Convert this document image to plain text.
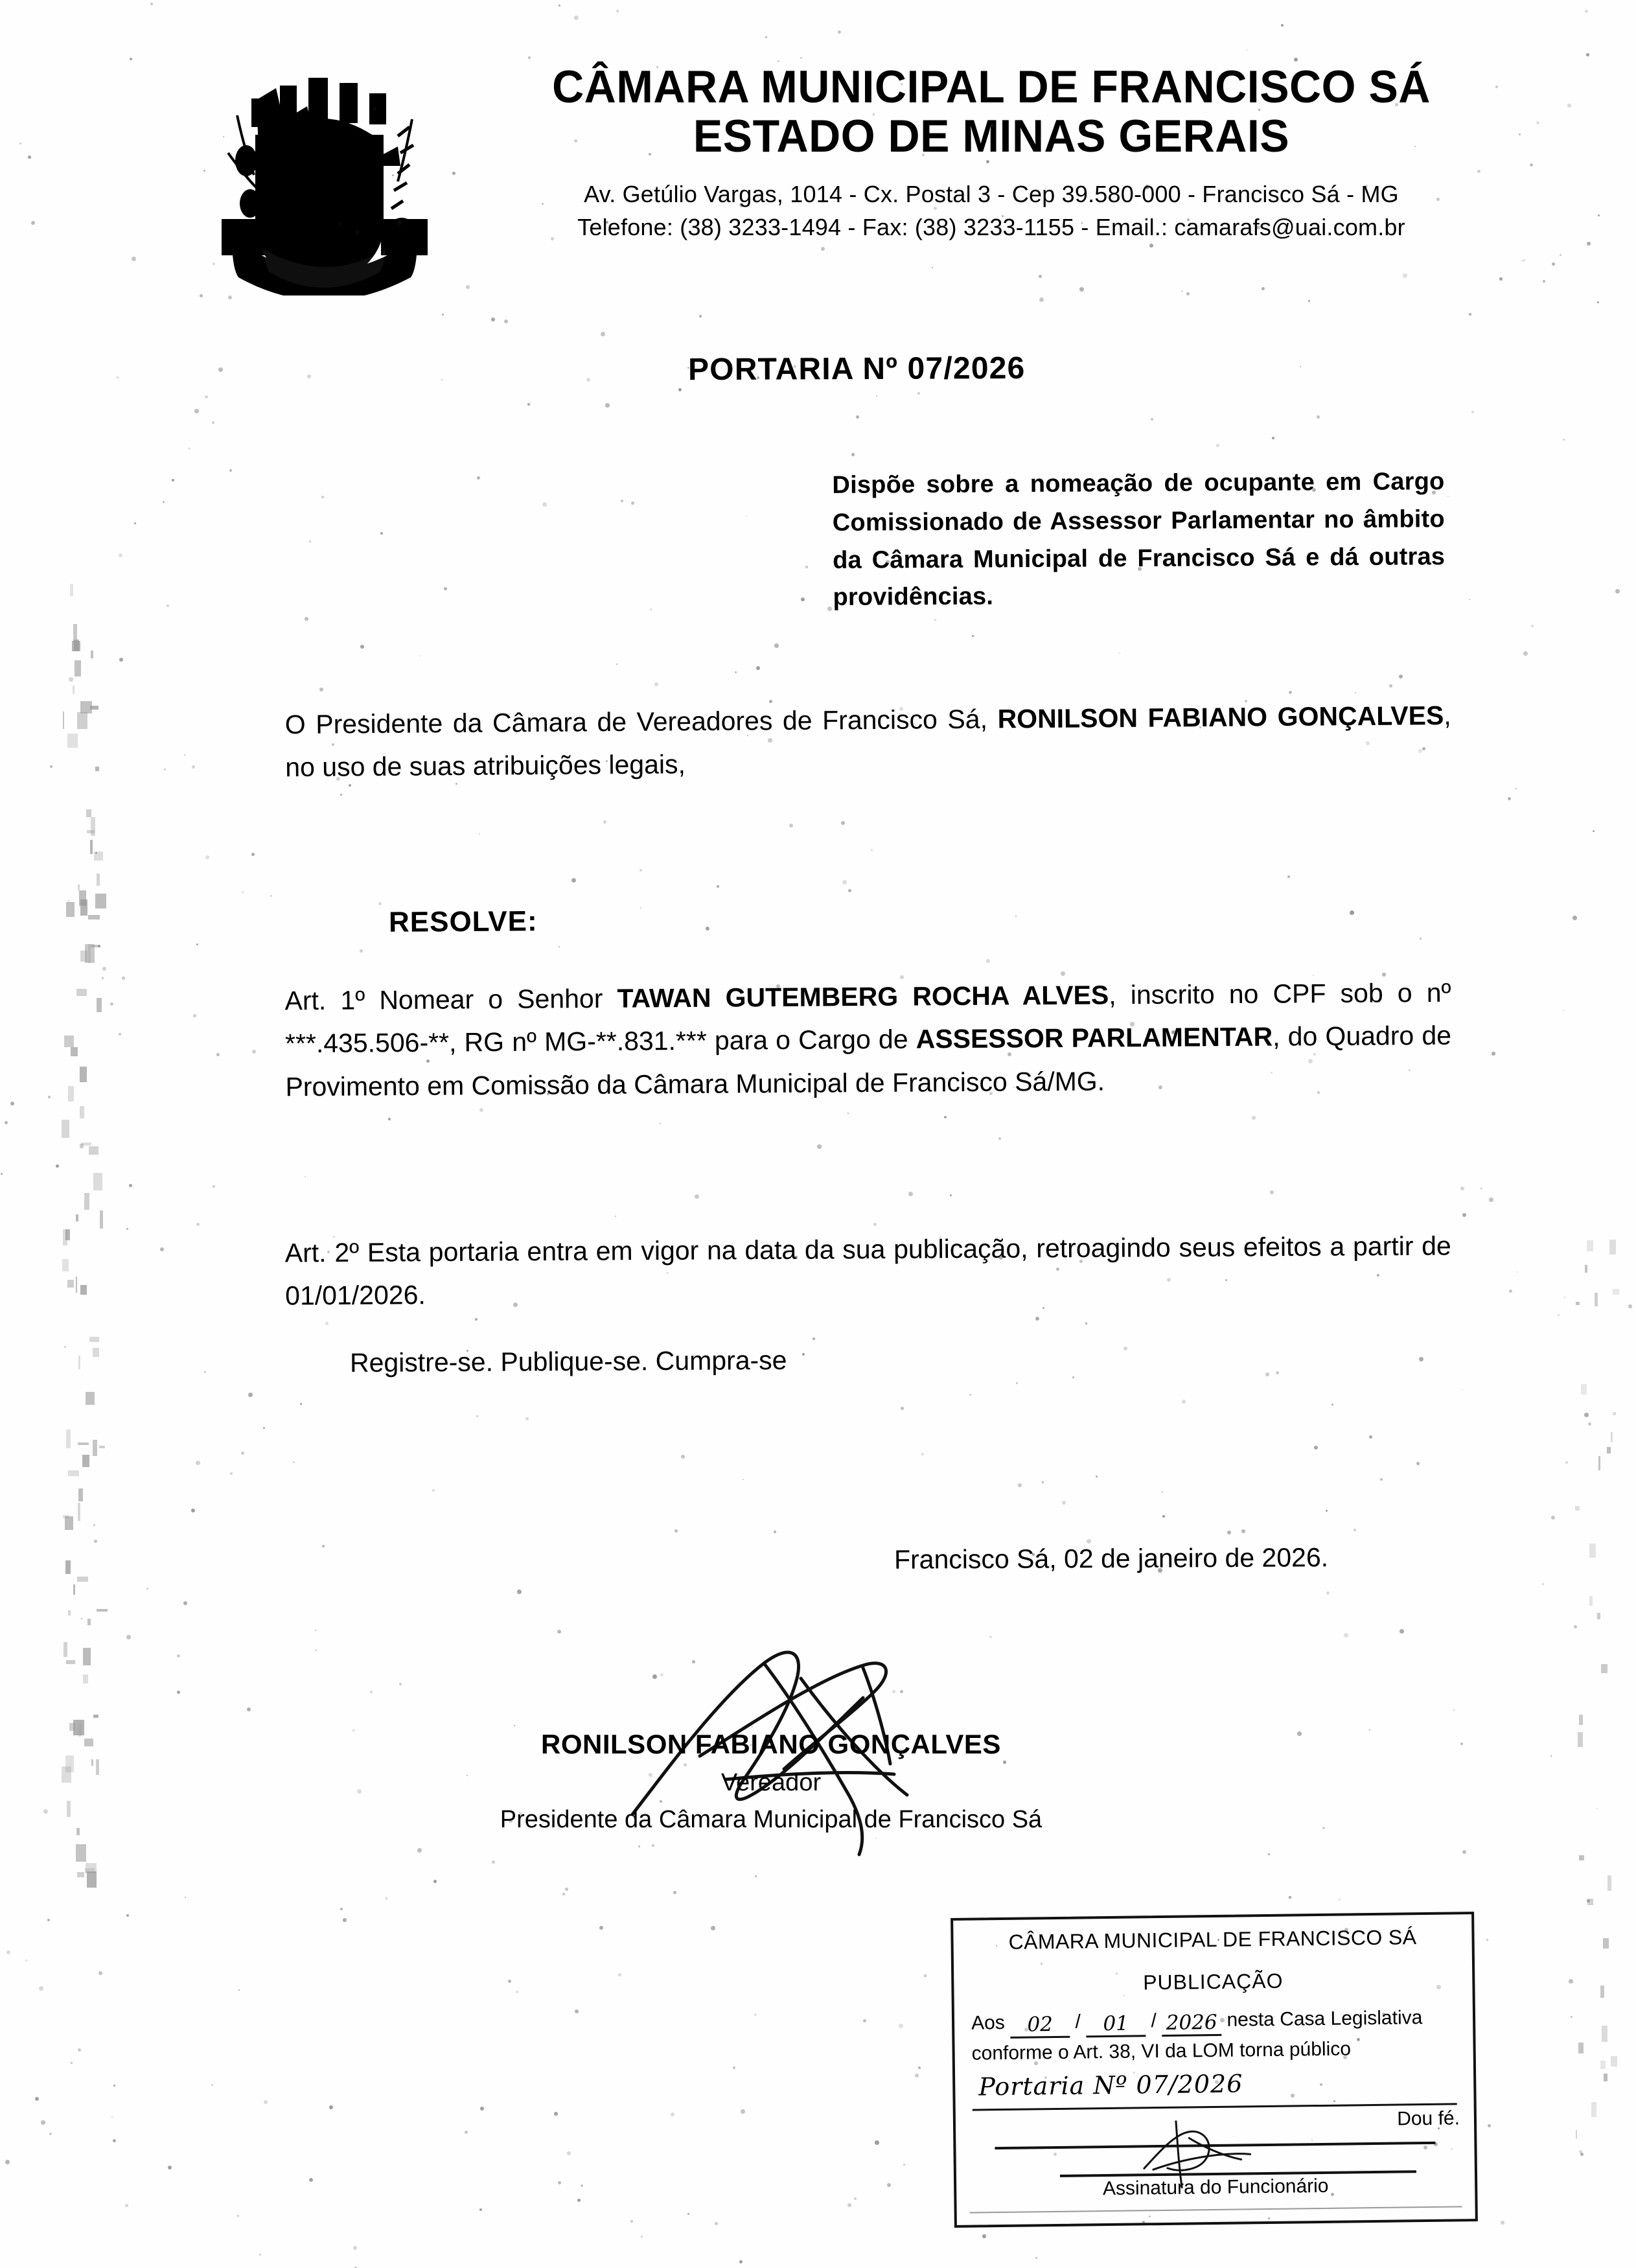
CÂMARA MUNICIPAL DE FRANCISCO SÁ
ESTADO DE MINAS GERAIS
Av. Getúlio Vargas, 1014 - Cx. Postal 3 - Cep 39.580-000 - Francisco Sá - MG
Telefone: (38) 3233-1494 - Fax: (38) 3233-1155 - Email.: camarafs@uai.com.br
PORTARIA Nº 07/2026
Dispõe sobre a nomeação de ocupante em Cargo Comissionado de Assessor Parlamentar no âmbito da Câmara Municipal de Francisco Sá e dá outras providências.
O Presidente da Câmara de Vereadores de Francisco Sá, RONILSON FABIANO GONÇALVES, no uso de suas atribuições legais,
RESOLVE:
Art. 1º Nomear o Senhor TAWAN GUTEMBERG ROCHA ALVES, inscrito no CPF sob o nº ***.435.506-**, RG nº MG-**.831.*** para o Cargo de ASSESSOR PARLAMENTAR, do Quadro de Provimento em Comissão da Câmara Municipal de Francisco Sá/MG.
Art. 2º Esta portaria entra em vigor na data da sua publicação, retroagindo seus efeitos a partir de 01/01/2026.
Registre-se. Publique-se. Cumpra-se
Francisco Sá, 02 de janeiro de 2026.
RONILSON FABIANO GONÇALVES
Vereador
Presidente da Câmara Municipal de Francisco Sá
CÂMARA MUNICIPAL DE FRANCISCO SÁ
PUBLICAÇÃO
Aos 02 / 01 / 2026 nesta Casa Legislativa
conforme o Art. 38, VI da LOM torna público
Portaria Nº 07/2026
Dou fé.
Assinatura do Funcionário
